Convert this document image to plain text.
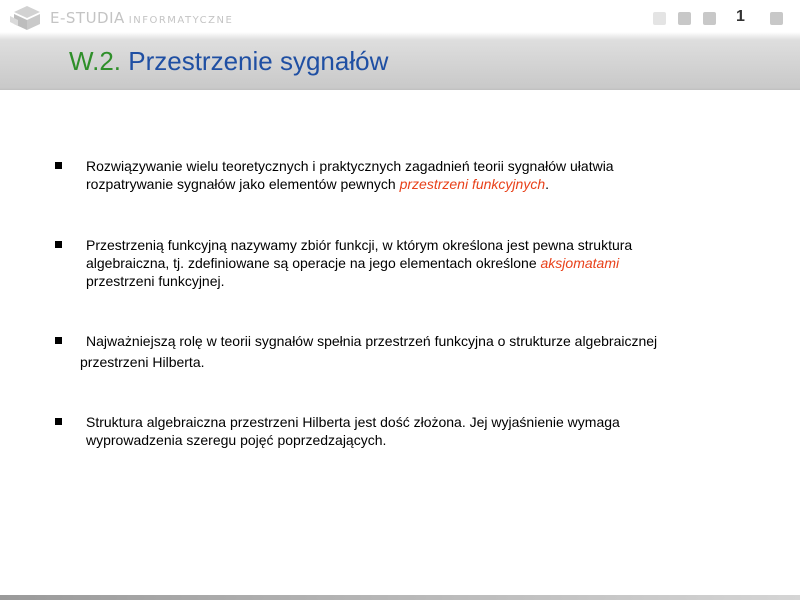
E-STUDIA INFORMATYCZNE	1
W.2. Przestrzenie sygnałów
Rozwiązywanie wielu teoretycznych i praktycznych zagadnień teorii sygnałów ułatwia
rozpatrywanie sygnałów jako elementów pewnych przestrzeni funkcyjnych.
Przestrzenią funkcyjną nazywamy zbiór funkcji, w którym określona jest pewna struktura
algebraiczna, tj. zdefiniowane są operacje na jego elementach określone aksjomatami
przestrzeni funkcyjnej.
Najważniejszą rolę w teorii sygnałów spełnia przestrzeń funkcyjna o strukturze algebraicznej
przestrzeni Hilberta.
Struktura algebraiczna przestrzeni Hilberta jest dość złożona. Jej wyjaśnienie wymaga
wyprowadzenia szeregu pojęć poprzedzających.
